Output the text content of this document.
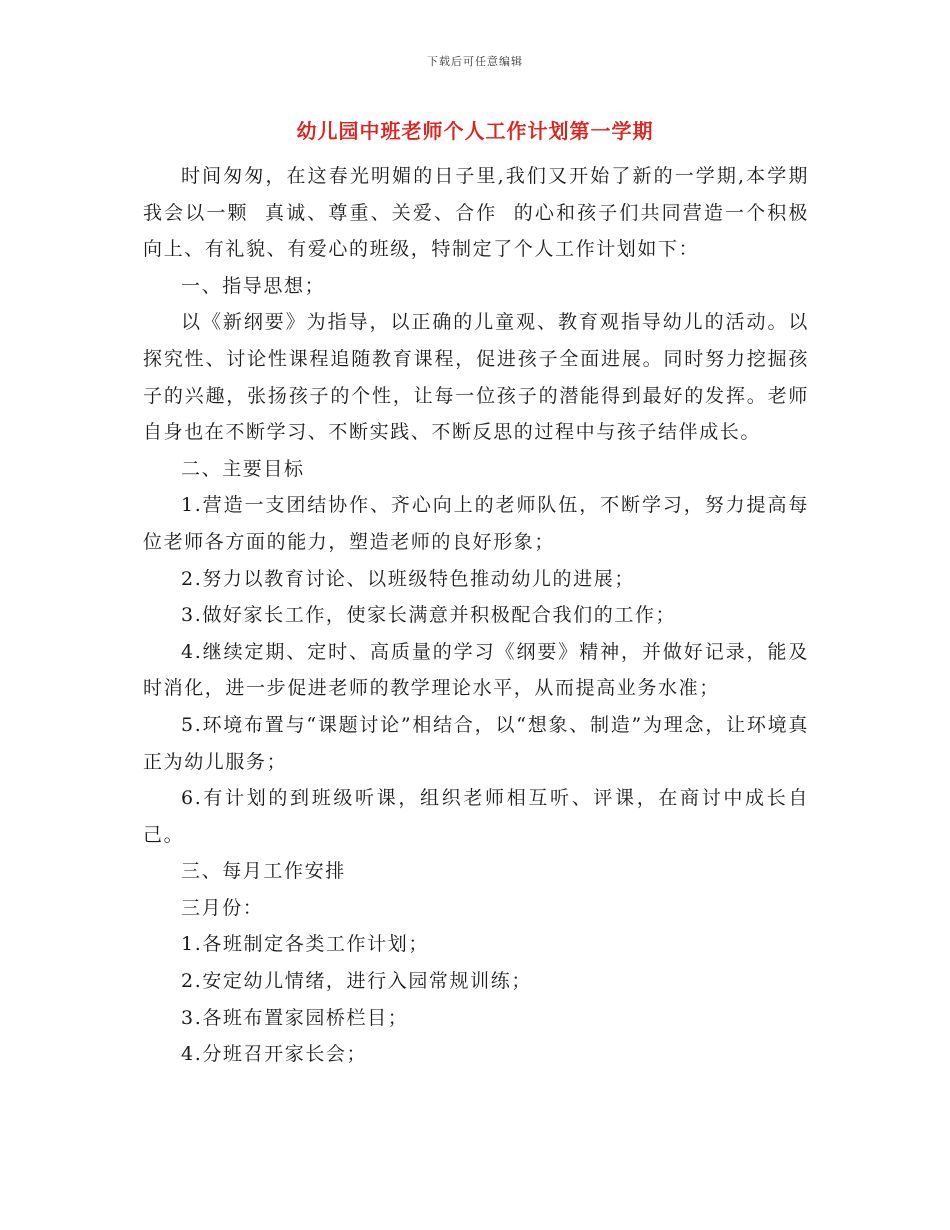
下载后可任意编辑
幼儿园中班老师个人工作计划第一学期

时间匆匆，在这春光明媚的日子里,我们又开始了新的一学期,本学期我会以一颗  真诚、尊重、关爱、合作  的心和孩子们共同营造一个积极向上、有礼貌、有爱心的班级，特制定了个人工作计划如下：

一、指导思想；

以《新纲要》为指导，以正确的儿童观、教育观指导幼儿的活动。以探究性、讨论性课程追随教育课程，促进孩子全面进展。同时努力挖掘孩子的兴趣，张扬孩子的个性，让每一位孩子的潜能得到最好的发挥。老师自身也在不断学习、不断实践、不断反思的过程中与孩子结伴成长。

二、主要目标

1.营造一支团结协作、齐心向上的老师队伍，不断学习，努力提高每位老师各方面的能力，塑造老师的良好形象；

2.努力以教育讨论、以班级特色推动幼儿的进展；

3.做好家长工作，使家长满意并积极配合我们的工作；

4.继续定期、定时、高质量的学习《纲要》精神，并做好记录，能及时消化，进一步促进老师的教学理论水平，从而提高业务水准；

5.环境布置与“课题讨论”相结合，以“想象、制造”为理念，让环境真正为幼儿服务；

6.有计划的到班级听课，组织老师相互听、评课，在商讨中成长自己。

三、每月工作安排

三月份：

1.各班制定各类工作计划；

2.安定幼儿情绪，进行入园常规训练；

3.各班布置家园桥栏目；

4.分班召开家长会；
